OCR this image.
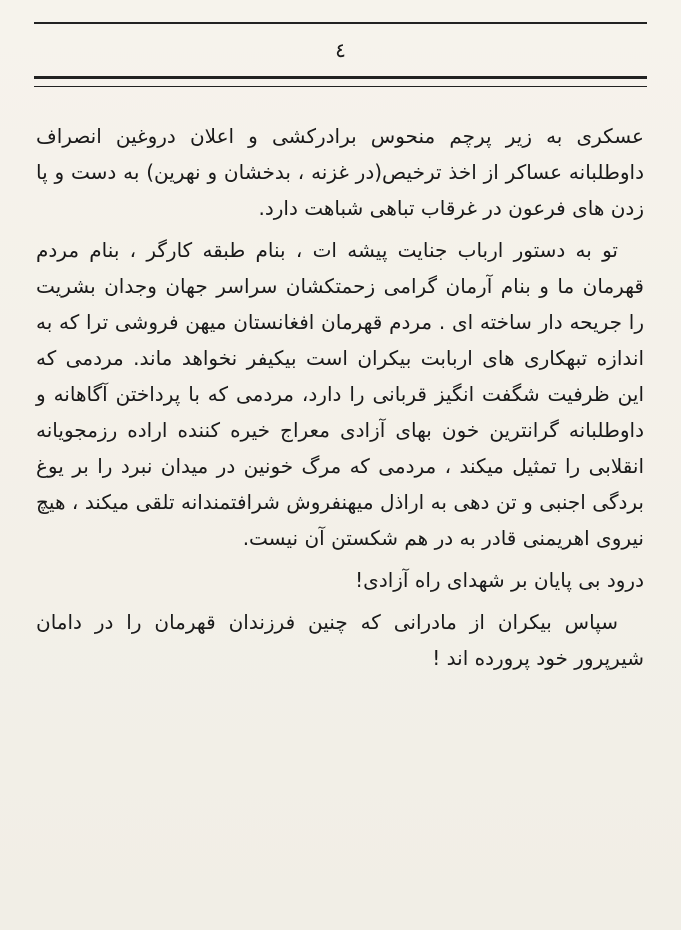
٤

عسکری به زیر پرچم منحوس برادرکشی و اعلان دروغین انصراف داوطلبانه عساکر از اخذ ترخیص(در غزنه ، بدخشان و نهرین) به دست و پا زدن های فرعون در غرقاب تباهی شباهت دارد.

تو به دستور ارباب جنایت پیشه ات ، بنام طبقه کارگر ، بنام مردم قهرمان ما و بنام آرمان گرامی زحمتکشان سراسر جهان وجدان بشریت را جریحه دار ساخته ای . مردم قهرمان افغانستان میهن فروشی ترا که به اندازه تبهکاری های اربابت بیکران است بیکیفر نخواهد ماند. مردمی که این ظرفیت شگفت انگیز قربانی را دارد، مردمی که با پرداختن آگاهانه و داوطلبانه گرانترین خون بهای آزادی معراج خیره کننده اراده رزمجویانه انقلابی را تمثیل میکند ، مردمی که مرگ خونین در میدان نبرد را بر یوغ بردگی اجنبی و تن دهی به اراذل میهنفروش شرافتمندانه تلقی میکند ، هیچ نیروی اهریمنی قادر به در هم شکستن آن نیست.

درود بی پایان بر شهدای راه آزادی!

سپاس بیکران از مادرانی که چنین فرزندان قهرمان را در دامان شیرپرور خود پرورده اند !
